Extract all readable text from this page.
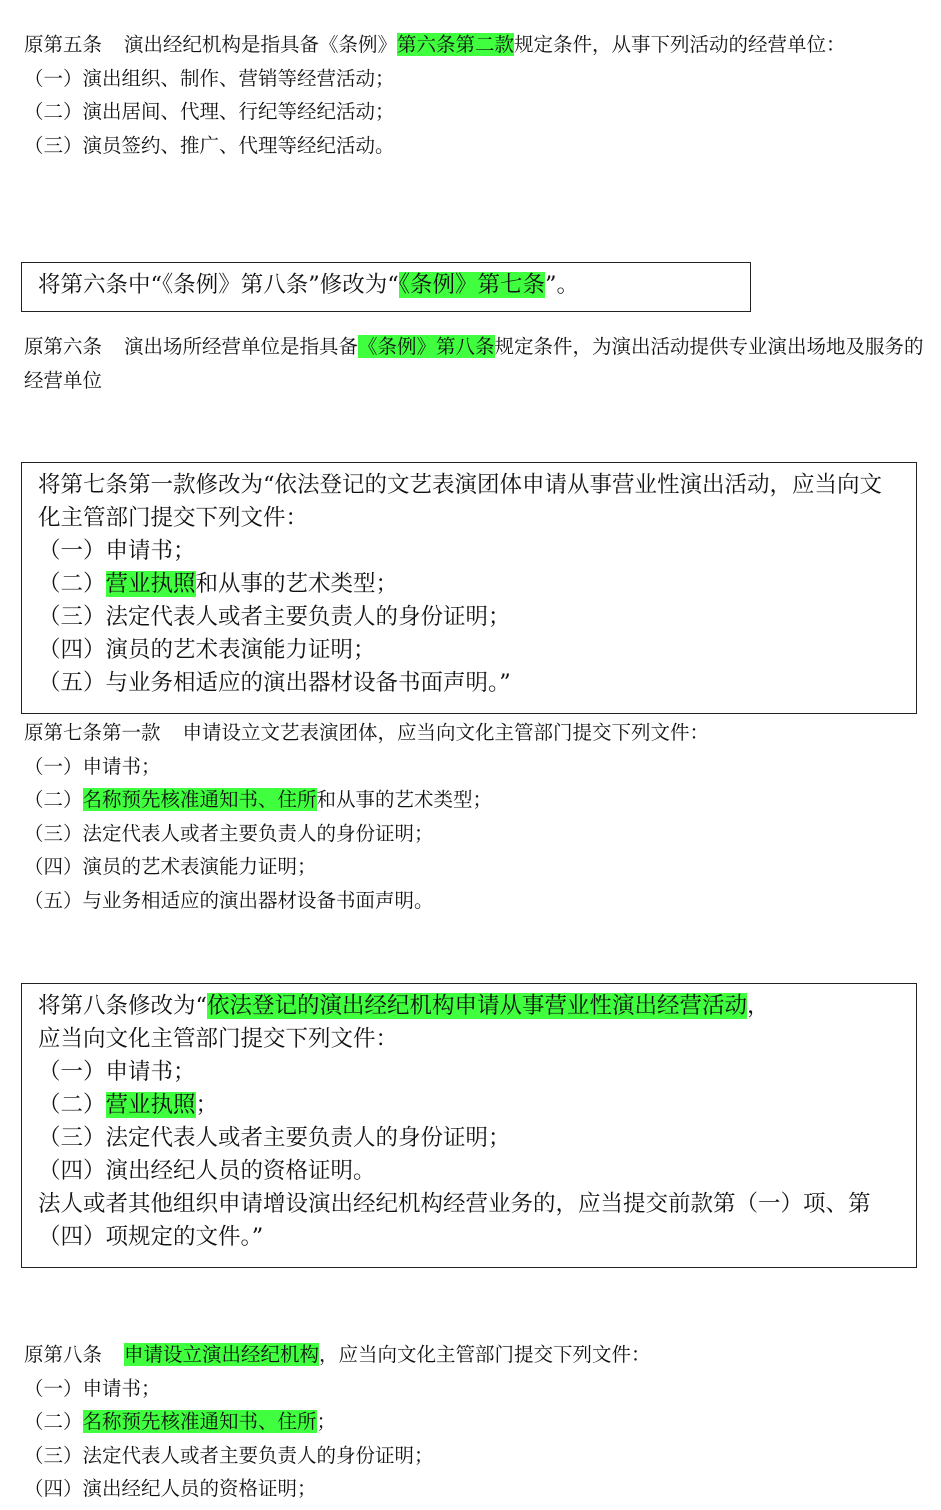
原第五条 演出经纪机构是指具备《条例》第六条第二款规定条件，从事下列活动的经营单位：

（一）演出组织、制作、营销等经营活动；

（二）演出居间、代理、行纪等经纪活动；

（三）演员签约、推广、代理等经纪活动。

将第六条中“《条例》第八条”修改为“《条例》第七条”。

原第六条 演出场所经营单位是指具备《条例》第八条规定条件，为演出活动提供专业演出场地及服务的经营单位

将第七条第一款修改为“依法登记的文艺表演团体申请从事营业性演出活动，应当向文化主管部门提交下列文件：

（一）申请书；

（二）营业执照和从事的艺术类型；

（三）法定代表人或者主要负责人的身份证明；

（四）演员的艺术表演能力证明；

（五）与业务相适应的演出器材设备书面声明。”

原第七条第一款 申请设立文艺表演团体，应当向文化主管部门提交下列文件：

（一）申请书；

（二）名称预先核准通知书、住所和从事的艺术类型；

（三）法定代表人或者主要负责人的身份证明；

（四）演员的艺术表演能力证明；

（五）与业务相适应的演出器材设备书面声明。

将第八条修改为“依法登记的演出经纪机构申请从事营业性演出经营活动，

应当向文化主管部门提交下列文件：

（一）申请书；

（二）营业执照；

（三）法定代表人或者主要负责人的身份证明；

（四）演出经纪人员的资格证明。

法人或者其他组织申请增设演出经纪机构经营业务的，应当提交前款第（一）项、第（四）项规定的文件。”

原第八条 申请设立演出经纪机构，应当向文化主管部门提交下列文件：

（一）申请书；

（二）名称预先核准通知书、住所；

（三）法定代表人或者主要负责人的身份证明；

（四）演出经纪人员的资格证明；
